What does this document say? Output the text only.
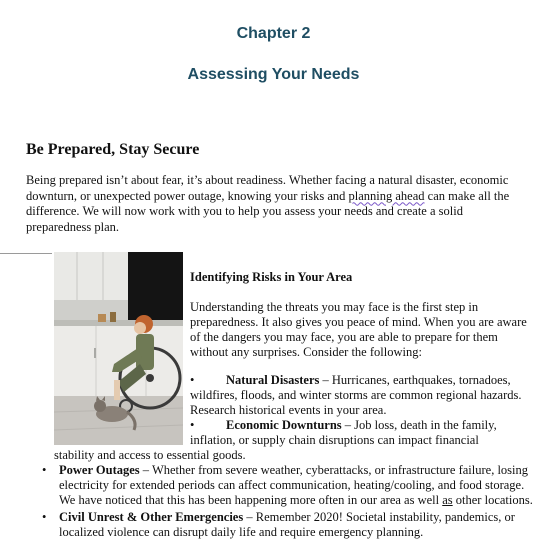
Chapter 2
Assessing Your Needs
Be Prepared, Stay Secure
Being prepared isn’t about fear, it’s about readiness. Whether facing a natural disaster, economic downturn, or unexpected power outage, knowing your risks and planning ahead can make all the difference. We will now work with you to help you assess your needs and create a solid preparedness plan.
Identifying Risks in Your Area
Understanding the threats you may face is the first step in preparedness. It also gives you peace of mind. When you are aware of the dangers you may face, you are able to prepare for them without any surprises. Consider the following:
•	Natural Disasters – Hurricanes, earthquakes, tornadoes, wildfires, floods, and winter storms are common regional hazards. Research historical events in your area.
•	Economic Downturns – Job loss, death in the family, inflation, or supply chain disruptions can impact financial
stability and access to essential goods.
• Power Outages – Whether from severe weather, cyberattacks, or infrastructure failure, losing electricity for extended periods can affect communication, heating/cooling, and food storage. We have noticed that this has been happening more often in our area as well as other locations.
• Civil Unrest & Other Emergencies – Remember 2020! Societal instability, pandemics, or localized violence can disrupt daily life and require emergency planning.
